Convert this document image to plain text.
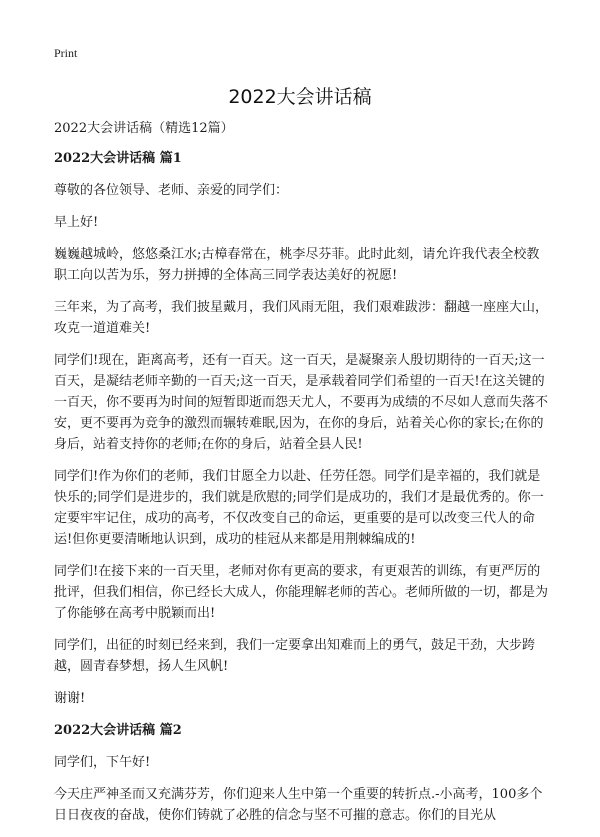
Print
2022大会讲话稿

2022大会讲话稿（精选12篇）

2022大会讲话稿 篇1

尊敬的各位领导、老师、亲爱的同学们：

早上好!

巍巍越城岭，悠悠桑江水;古樟春常在，桃李尽芬菲。此时此刻，请允许我代表全校教职工向以苦为乐，努力拼搏的全体高三同学表达美好的祝愿!

三年来，为了高考，我们披星戴月，我们风雨无阻，我们艰难跋涉：翻越一座座大山，攻克一道道难关!

同学们!现在，距离高考，还有一百天。这一百天，是凝聚亲人殷切期待的一百天;这一百天，是凝结老师辛勤的一百天;这一百天，是承载着同学们希望的一百天!在这关键的一百天，你不要再为时间的短暂即逝而怨天尤人，不要再为成绩的不尽如人意而失落不安，更不要再为竞争的激烈而辗转难眠,因为，在你的身后，站着关心你的家长;在你的身后，站着支持你的老师;在你的身后，站着全县人民!

同学们!作为你们的老师，我们甘愿全力以赴、任劳任怨。同学们是幸福的，我们就是快乐的;同学们是进步的，我们就是欣慰的;同学们是成功的，我们才是最优秀的。你一定要牢牢记住，成功的高考，不仅改变自己的命运，更重要的是可以改变三代人的命运!但你更要清晰地认识到，成功的桂冠从来都是用荆棘编成的!

同学们!在接下来的一百天里，老师对你有更高的要求，有更艰苦的训练，有更严厉的批评，但我们相信，你已经长大成人，你能理解老师的苦心。老师所做的一切，都是为了你能够在高考中脱颖而出!

同学们，出征的时刻已经来到，我们一定要拿出知难而上的勇气，鼓足干劲，大步跨越，圆青春梦想，扬人生风帆!

谢谢!

2022大会讲话稿 篇2

同学们，下午好!

今天庄严神圣而又充满芬芳，你们迎来人生中第一个重要的转折点.-小高考，100多个日日夜夜的奋战，使你们铸就了必胜的信念与坚不可摧的意志。你们的目光从
